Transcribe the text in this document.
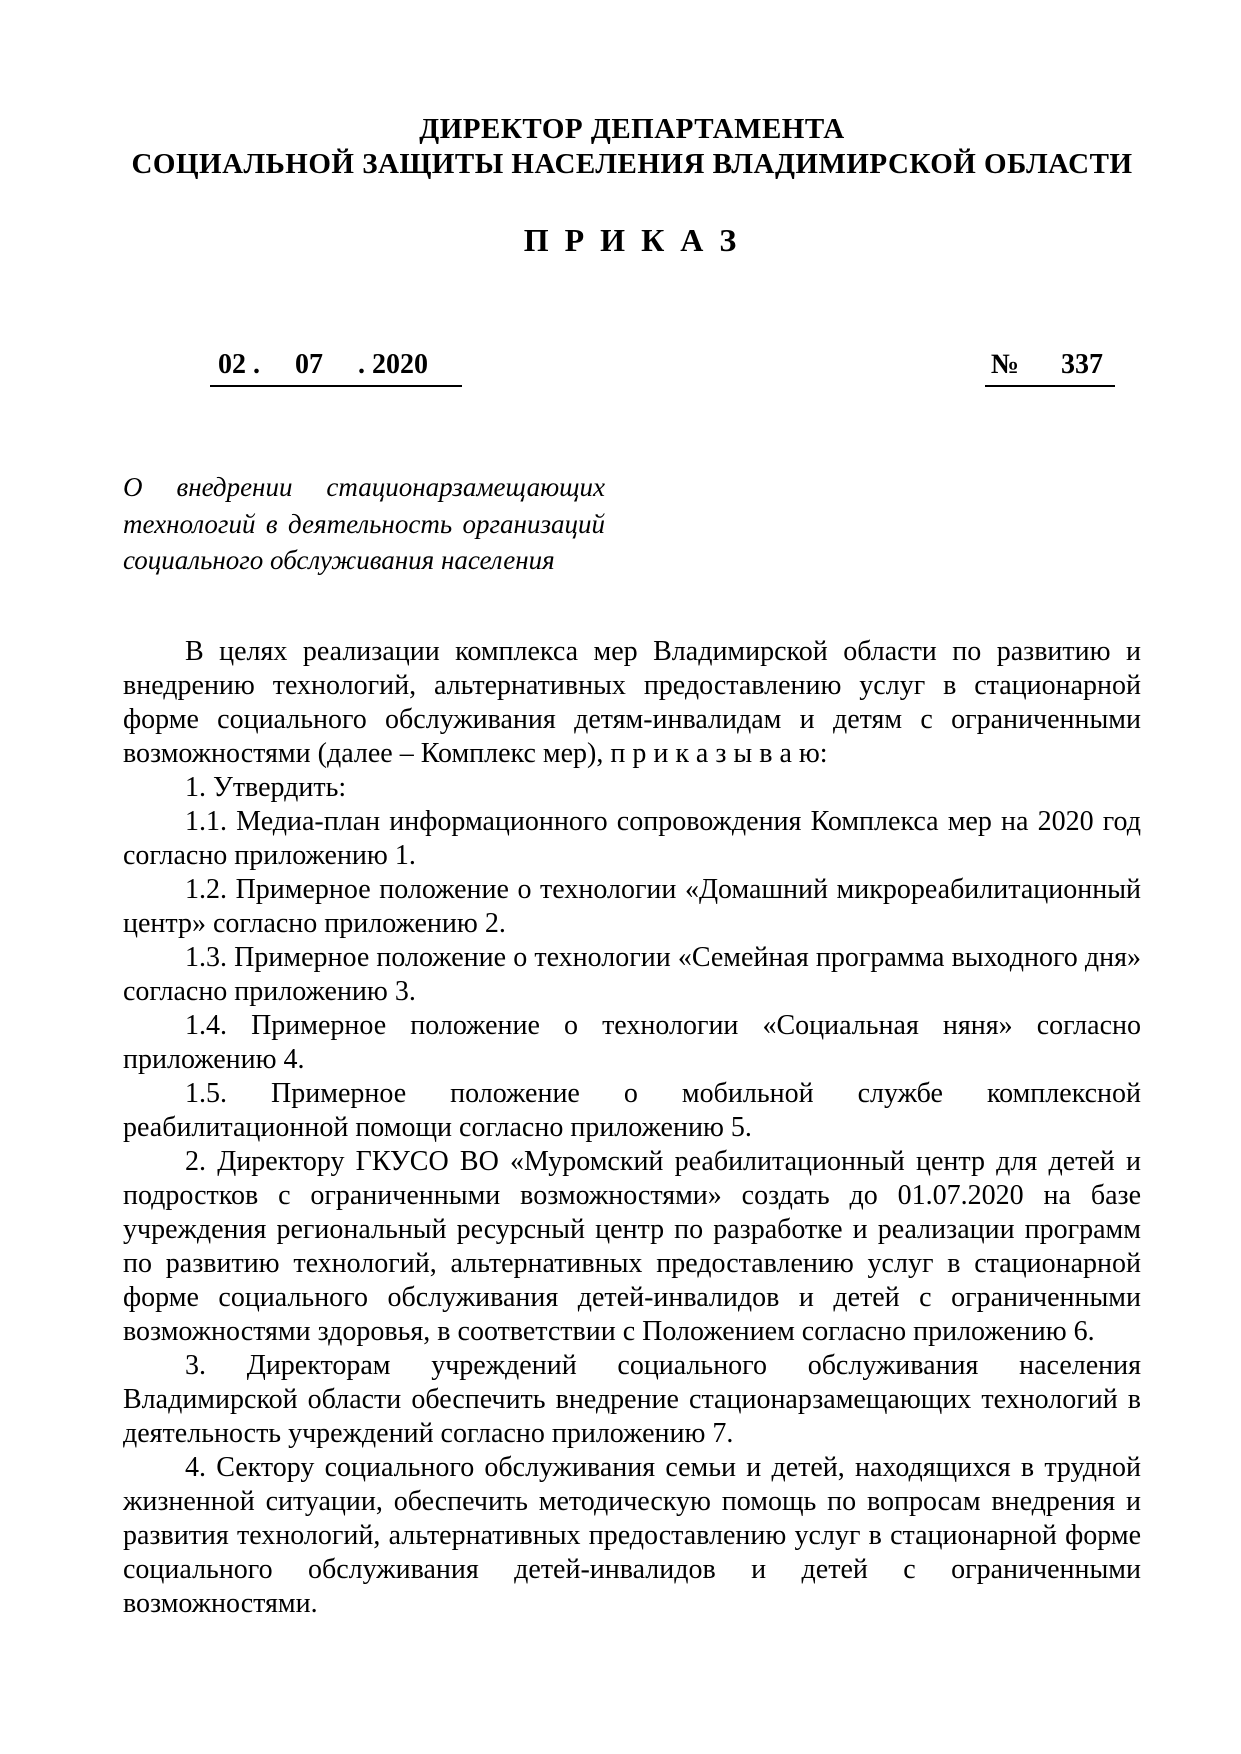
ДИРЕКТОР ДЕПАРТАМЕНТА
СОЦИАЛЬНОЙ ЗАЩИТЫ НАСЕЛЕНИЯ ВЛАДИМИРСКОЙ ОБЛАСТИ
П Р И К А З
02 .     07     . 2020	№ 337
О внедрении стационарзамещающих технологий в деятельность организаций социального обслуживания населения

В целях реализации комплекса мер Владимирской области по развитию и внедрению технологий, альтернативных предоставлению услуг в стационарной форме социального обслуживания детям-инвалидам и детям с ограниченными возможностями (далее – Комплекс мер), п р и к а з ы в а ю:

1. Утвердить:

1.1. Медиа-план информационного сопровождения Комплекса мер на 2020 год согласно приложению 1.

1.2. Примерное положение о технологии «Домашний микрореабилитационный центр» согласно приложению 2.

1.3. Примерное положение о технологии «Семейная программа выходного дня» согласно приложению 3.

1.4. Примерное положение о технологии «Социальная няня» согласно приложению 4.

1.5. Примерное положение о мобильной службе комплексной реабилитационной помощи согласно приложению 5.

2. Директору ГКУСО ВО «Муромский реабилитационный центр для детей и подростков с ограниченными возможностями» создать до 01.07.2020 на базе учреждения региональный ресурсный центр по разработке и реализации программ по развитию технологий, альтернативных предоставлению услуг в стационарной форме социального обслуживания детей-инвалидов и детей с ограниченными возможностями здоровья, в соответствии с Положением согласно приложению 6.

3. Директорам учреждений социального обслуживания населения Владимирской области обеспечить внедрение стационарзамещающих технологий в деятельность учреждений согласно приложению 7.

4. Сектору социального обслуживания семьи и детей, находящихся в трудной жизненной ситуации, обеспечить методическую помощь по вопросам внедрения и развития технологий, альтернативных предоставлению услуг в стационарной форме социального обслуживания детей-инвалидов и детей с ограниченными возможностями.
